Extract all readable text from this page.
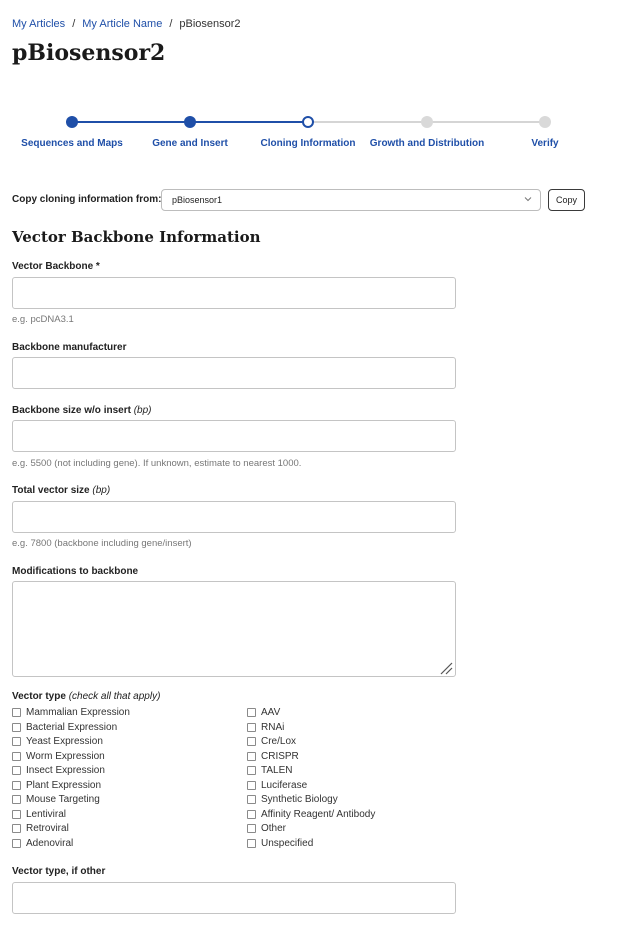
My Articles / My Article Name / pBiosensor2
pBiosensor2
Sequences and Maps	Gene and Insert	Cloning Information Growth and Distribution	Verify
Copy cloning information from: pBiosensor1	Copy
Vector Backbone Information
Vector Backbone *
e.g. pcDNA3.1
Backbone manufacturer
Backbone size w/o insert (bp)
e.g. 5500 (not including gene). If unknown, estimate to nearest 1000.
Total vector size (bp)
e.g. 7800 (backbone including gene/insert)
Modifications to backbone
Vector type (check all that apply)
Mammalian Expression
Bacterial Expression
Yeast Expression
Worm Expression
Insect Expression
Plant Expression
Mouse Targeting
Lentiviral
Retroviral
Adenoviral
AAV
RNAi
Cre/Lox
CRISPR
TALEN
Luciferase
Synthetic Biology
Affinity Reagent/ Antibody
Other
Unspecified
Vector type, if other
